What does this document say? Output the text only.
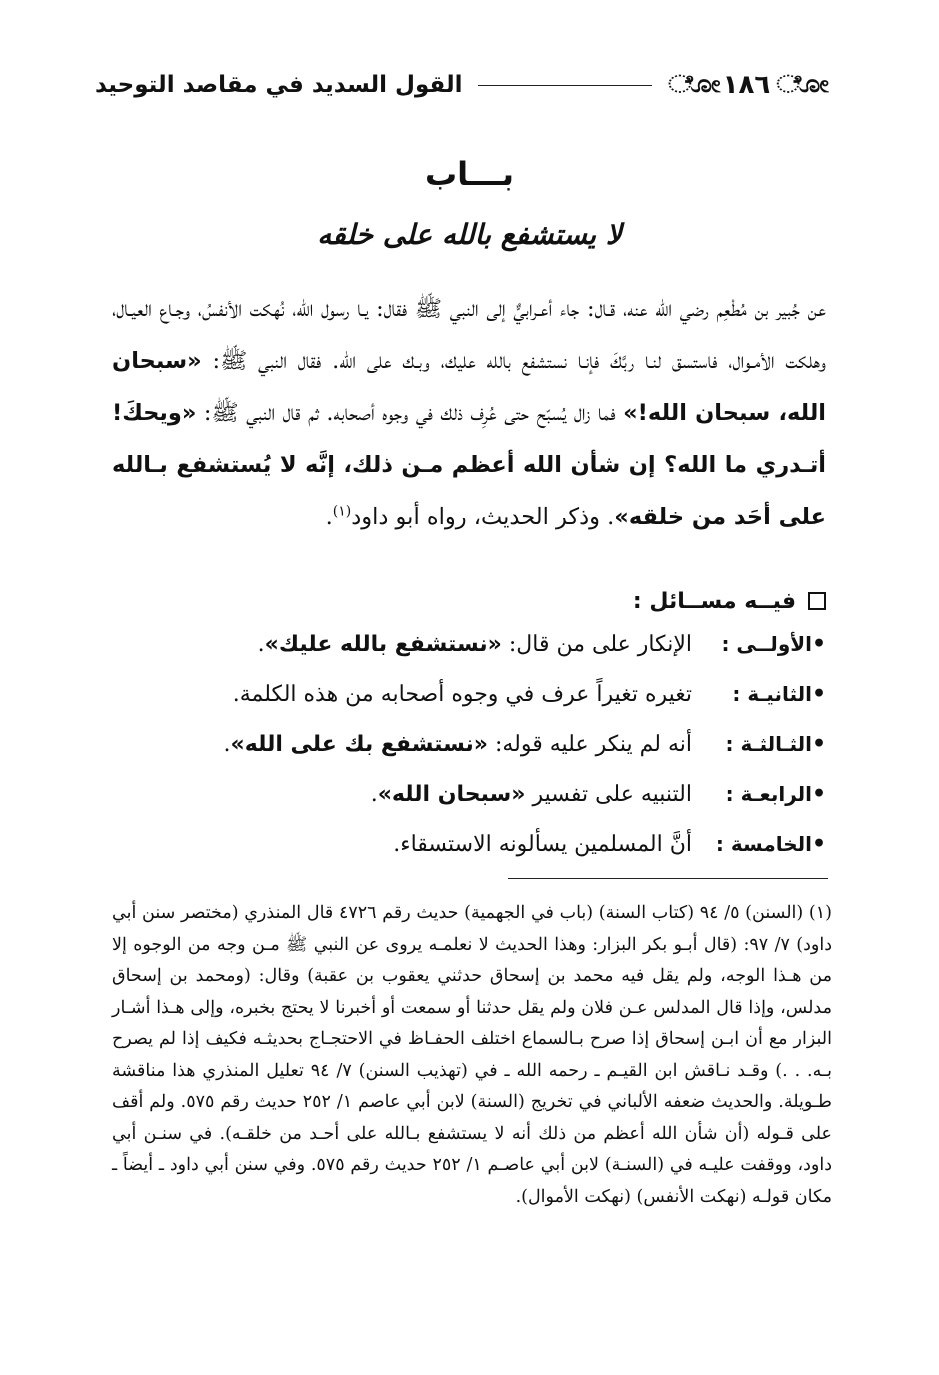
ೋ
١٨٦
ೋ
القول السديد في مقاصد التوحيد
بـــاب
لا يستشفع بالله على خلقه

عن جُبير بن مُطْعِم رضي الله عنه، قـال: جاء أعـرابيٌّ إلى النبي ﷺ فقال: يـا رسول الله، نُهكت الأنفسُ، وجـاع العيـال، وهلكت الأمـوال، فاستسق لنـا ربَّكَ فإنـا نستشفع بالله عليك، وبـك على الله. فقال النبي ﷺ: «سبحان الله، سبحان الله!» فما زال يُسبّح حتى عُرِف ذلك في وجوه أصحابه. ثم قال النبي ﷺ: «ويحكَ! أتـدري ما الله؟ إن شأن الله أعظم مـن ذلك، إنَّه لا يُستشفع بـالله على أحَد من خلقه». وذكر الحديث، رواه أبو داود$^{(١)}$.

فيــه مســائل :
•
الأولــى :
الإنكار على من قال: «نستشفع بالله عليك».
•
الثانيـة :
تغيره تغيراً عرف في وجوه أصحابه من هذه الكلمة.
•
الثـالثـة :
أنه لم ينكر عليه قوله: «نستشفع بك على الله».
•
الرابعـة :
التنبيه على تفسير «سبحان الله».
•
الخامسة :
أنَّ المسلمين يسألونه الاستسقاء.

(١) (السنن) ٥/ ٩٤ (كتاب السنة) (باب في الجهمية) حديث رقم ٤٧٢٦ قال المنذري (مختصر سنن أبي داود) ٧/ ٩٧: (قال أبـو بكر البزار: وهذا الحديث لا نعلمـه يروى عن النبي ﷺ مـن وجه من الوجوه إلا من هـذا الوجه، ولم يقل فيه محمد بن إسحاق حدثني يعقوب بن عقبة) وقال: (ومحمد بن إسحاق مدلس، وإذا قال المدلس عـن فلان ولم يقل حدثنا أو سمعت أو أخبرنا لا يحتج بخبره، وإلى هـذا أشـار البزار مع أن ابـن إسحاق إذا صرح بـالسماع اختلف الحفـاظ في الاحتجـاج بحديثـه فكيف إذا لم يصرح بـه. . .) وقـد نـاقش ابن القيـم ـ رحمه الله ـ في (تهذيب السنن) ٧/ ٩٤ تعليل المنذري هذا مناقشة طـويلة. والحديث ضعفه الألباني في تخريج (السنة) لابن أبي عاصم ١/ ٢٥٢ حديث رقم ٥٧٥. ولم أقف على قـوله (أن شأن الله أعظم من ذلك أنه لا يستشفع بـالله على أحـد من خلقـه). في سنـن أبي داود، ووقفت عليـه في (السنـة) لابن أبي عاصـم ١/ ٢٥٢ حديث رقم ٥٧٥. وفي سنن أبي داود ـ أيضاً ـ مكان قولـه (نهكت الأنفس) (نهكت الأموال).
